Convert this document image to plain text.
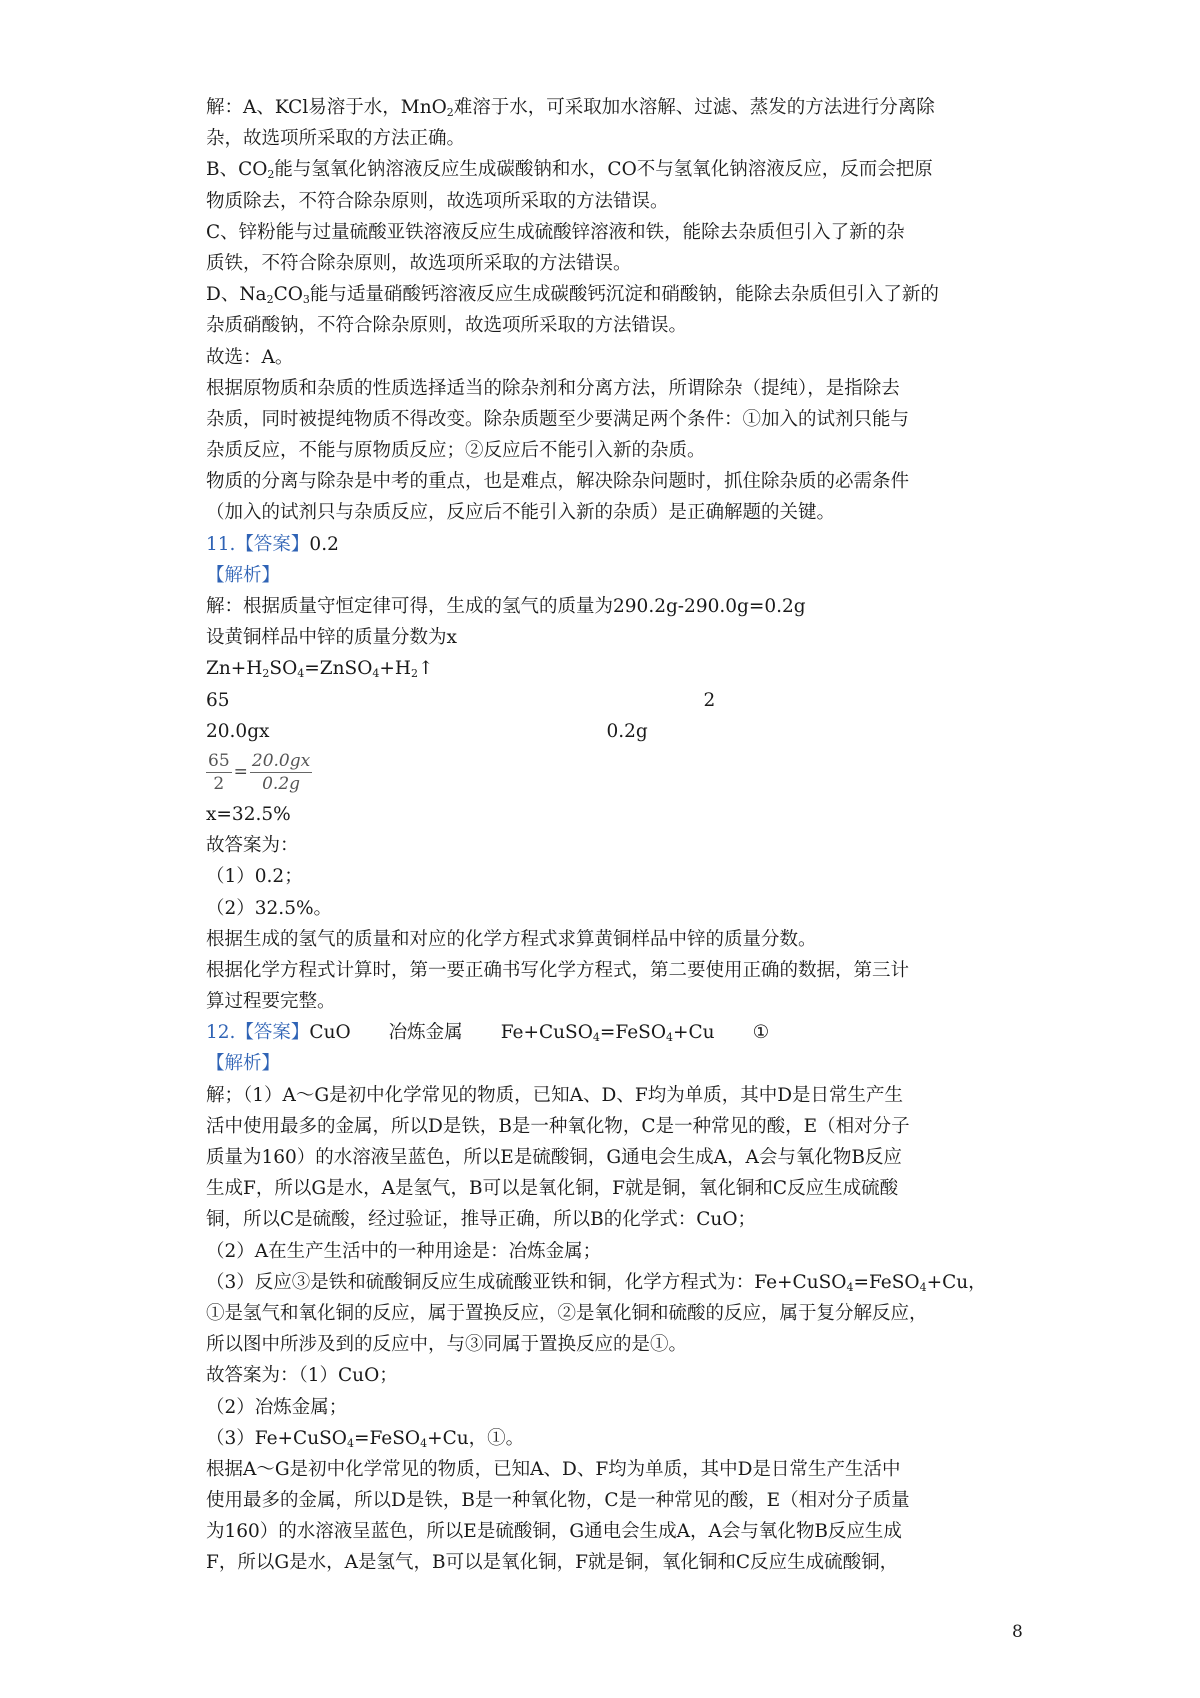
解：A、KCl易溶于水，MnO$_2$难溶于水，可采取加水溶解、过滤、蒸发的方法进行分离除
杂，故选项所采取的方法正确。
B、$CO_2$能与氢氧化钠溶液反应生成碳酸钠和水，CO不与氢氧化钠溶液反应，反而会把原
物质除去，不符合除杂原则，故选项所采取的方法错误。
C、锌粉能与过量硫酸亚铁溶液反应生成硫酸锌溶液和铁，能除去杂质但引入了新的杂
质铁，不符合除杂原则，故选项所采取的方法错误。
D、$Na_2CO_3$能与适量硝酸钙溶液反应生成碳酸钙沉淀和硝酸钠，能除去杂质但引入了新的
杂质硝酸钠，不符合除杂原则，故选项所采取的方法错误。
故选：A。
根据原物质和杂质的性质选择适当的除杂剂和分离方法，所谓除杂（提纯），是指除去
杂质，同时被提纯物质不得改变。除杂质题至少要满足两个条件：①加入的试剂只能与
杂质反应，不能与原物质反应；②反应后不能引入新的杂质。
物质的分离与除杂是中考的重点，也是难点，解决除杂问题时，抓住除杂质的必需条件
（加入的试剂只与杂质反应，反应后不能引入新的杂质）是正确解题的关键。
11.【答案】0.2
【解析】
解：根据质量守恒定律可得，生成的氢气的质量为290.2g-290.0g=0.2g
设黄铜样品中锌的质量分数为x
$Zn+H_2SO_4=ZnSO_4+H_2↑$
65	2
20.0gx	0.2g
$\frac{65}{2} = \frac{20.0gx}{0.2g}$
x=32.5%
故答案为：
（1）0.2；
（2）32.5%。
根据生成的氢气的质量和对应的化学方程式求算黄铜样品中锌的质量分数。
根据化学方程式计算时，第一要正确书写化学方程式，第二要使用正确的数据，第三计
算过程要完整。
12.【答案】CuO 冶炼金属 Fe+CuSO$_4$=FeSO$_4$+Cu ①
【解析】
解；（1）A～G是初中化学常见的物质，已知A、D、F均为单质，其中D是日常生产生
活中使用最多的金属，所以D是铁，B是一种氧化物，C是一种常见的酸，E（相对分子
质量为160）的水溶液呈蓝色，所以E是硫酸铜，G通电会生成A，A会与氧化物B反应
生成F，所以G是水，A是氢气，B可以是氧化铜，F就是铜，氧化铜和C反应生成硫酸
铜，所以C是硫酸，经过验证，推导正确，所以B的化学式：CuO；
（2）A在生产生活中的一种用途是：冶炼金属；
（3）反应③是铁和硫酸铜反应生成硫酸亚铁和铜，化学方程式为：Fe+CuSO$_4$=FeSO$_4$+Cu，
①是氢气和氧化铜的反应，属于置换反应，②是氧化铜和硫酸的反应，属于复分解反应，
所以图中所涉及到的反应中，与③同属于置换反应的是①。
故答案为：（1）CuO；
（2）冶炼金属；
（3）Fe+CuSO$_4$=FeSO$_4$+Cu，①。
根据A～G是初中化学常见的物质，已知A、D、F均为单质，其中D是日常生产生活中
使用最多的金属，所以D是铁，B是一种氧化物，C是一种常见的酸，E（相对分子质量
为160）的水溶液呈蓝色，所以E是硫酸铜，G通电会生成A，A会与氧化物B反应生成
F，所以G是水，A是氢气，B可以是氧化铜，F就是铜，氧化铜和C反应生成硫酸铜，
8
